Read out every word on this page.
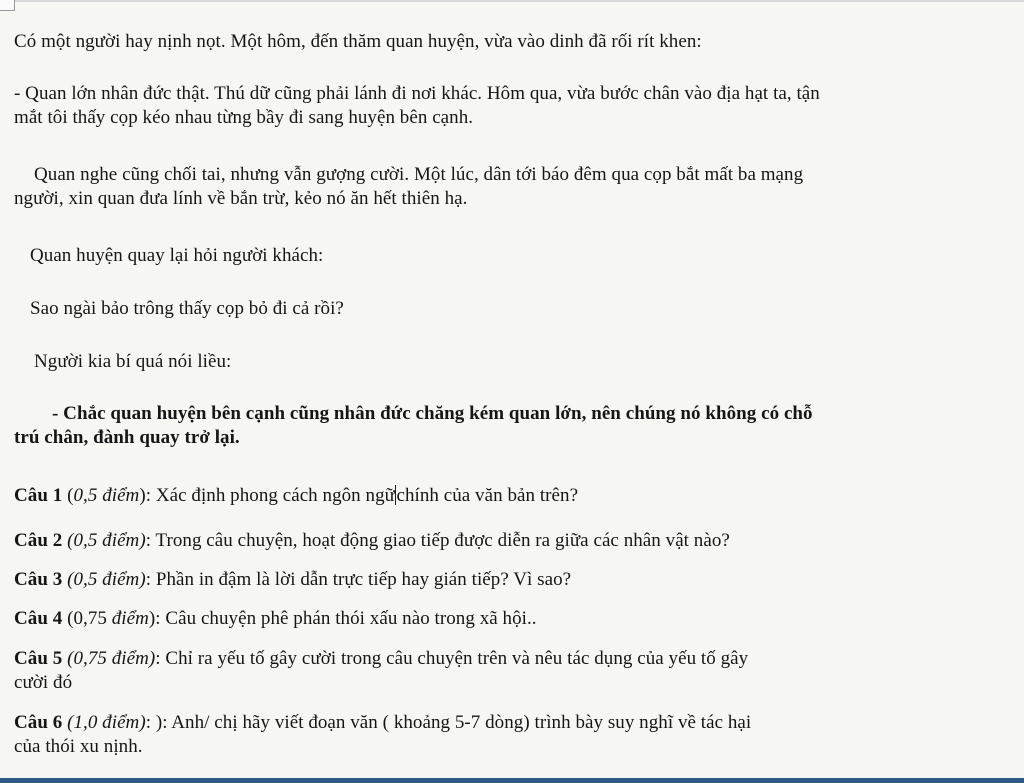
Có một người hay nịnh nọt. Một hôm, đến thăm quan huyện, vừa vào dinh đã rối rít khen:
- Quan lớn nhân đức thật. Thú dữ cũng phải lánh đi nơi khác. Hôm qua, vừa bước chân vào địa hạt ta, tận
mắt tôi thấy cọp kéo nhau từng bầy đi sang huyện bên cạnh.
Quan nghe cũng chối tai, nhưng vẫn gượng cười. Một lúc, dân tới báo đêm qua cọp bắt mất ba mạng
người, xin quan đưa lính về bắn trừ, kẻo nó ăn hết thiên hạ.
Quan huyện quay lại hỏi người khách:
Sao ngài bảo trông thấy cọp bỏ đi cả rồi?
Người kia bí quá nói liều:
- Chắc quan huyện bên cạnh cũng nhân đức chăng kém quan lớn, nên chúng nó không có chỗ
trú chân, đành quay trở lại.
Câu 1 (0,5 điểm): Xác định phong cách ngôn ngữchính của văn bản trên?
Câu 2 (0,5 điểm): Trong câu chuyện, hoạt động giao tiếp được diễn ra giữa các nhân vật nào?
Câu 3 (0,5 điểm): Phần in đậm là lời dẫn trực tiếp hay gián tiếp? Vì sao?
Câu 4 (0,75 điểm): Câu chuyện phê phán thói xấu nào trong xã hội..
Câu 5 (0,75 điểm): Chỉ ra yếu tố gây cười trong câu chuyện trên và nêu tác dụng của yếu tố gây
cười đó
Câu 6 (1,0 điểm): ): Anh/ chị hãy viết đoạn văn ( khoảng 5-7 dòng) trình bày suy nghĩ về tác hại
của thói xu nịnh.
